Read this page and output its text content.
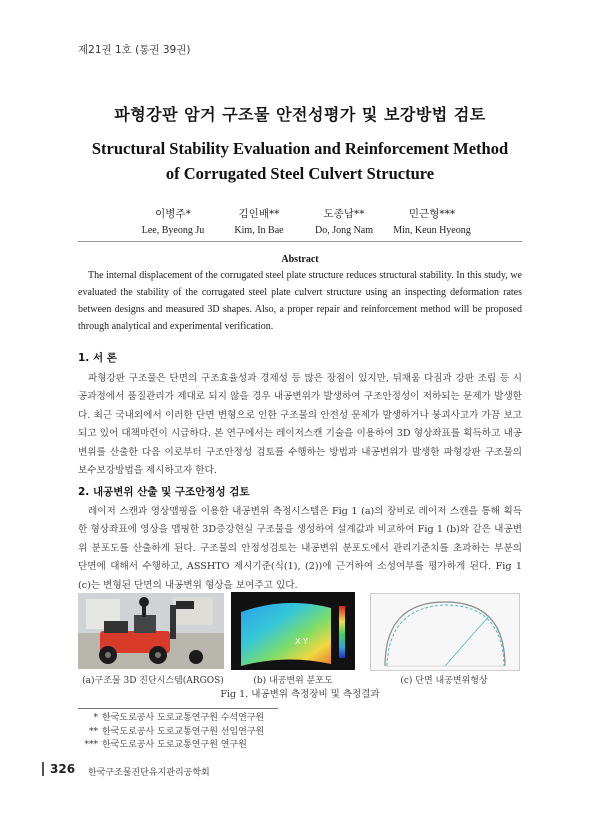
제21권 1호 (통권 39권)
파형강판 암거 구조물 안전성평가 및 보강방법 검토
Structural Stability Evaluation and Reinforcement Method
of Corrugated Steel Culvert Structure
이병주*
Lee, Byeong Ju
김인배**
Kim, In Bae
도종남**
Do, Jong Nam
민근형***
Min, Keun Hyeong
Abstract
The internal displacement of the corrugated steel plate structure reduces structural stability. In this study, we evaluated the stability of the corrugated steel plate culvert structure using an inspecting deformation rates between designs and measured 3D shapes. Also, a proper repair and reinforcement method will be proposed through analytical and experimental verification.
1. 서 론
파형강판 구조물은 단면의 구조효율성과 경제성 등 많은 장점이 있지만, 뒤채움 다짐과 강판 조립 등 시공과정에서 품질관리가 제대로 되지 않을 경우 내공변위가 발생하여 구조안정성이 저하되는 문제가 발생한다. 최근 국내외에서 이러한 단면 변형으로 인한 구조물의 안전성 문제가 발생하거나 붕괴사고가 가끔 보고되고 있어 대책마련이 시급하다. 본 연구에서는 레이저스캔 기술을 이용하여 3D 형상좌표를 획득하고 내공변위를 산출한 다음 이로부터 구조안정성 검토를 수행하는 방법과 내공변위가 발생한 파형강판 구조물의 보수보강방법을 제시하고자 한다.
2. 내공변위 산출 및 구조안정성 검토
레이저 스캔과 영상맵핑을 이용한 내공변위 측정시스템은 Fig 1 (a)의 장비로 레이저 스캔을 통해 획득한 형상좌표에 영상을 맵핑한 3D증강현실 구조물을 생성하여 설계값과 비교하여 Fig 1 (b)와 같은 내공변위 분포도를 산출하게 된다. 구조물의 안정성검토는 내공변위 분포도에서 관리기준치를 초과하는 부분의 단면에 대해서 수행하고, ASSHTO 제시기준(식(1), (2))에 근거하여 소성여부를 평가하게 된다. Fig 1 (c)는 변형된 단면의 내공변위 형상을 보여주고 있다.
X Y
(a)구조물 3D 진단시스템(ARGOS)	(b) 내공변위 분포도	(c) 단면 내공변위형상
Fig 1. 내공변위 측정장비 및 측정결과
* 한국도로공사 도로교통연구원 수석연구원
** 한국도로공사 도로교통연구원 선임연구원
*** 한국도로공사 도로교통연구원 연구원
326 한국구조물진단유지관리공학회
